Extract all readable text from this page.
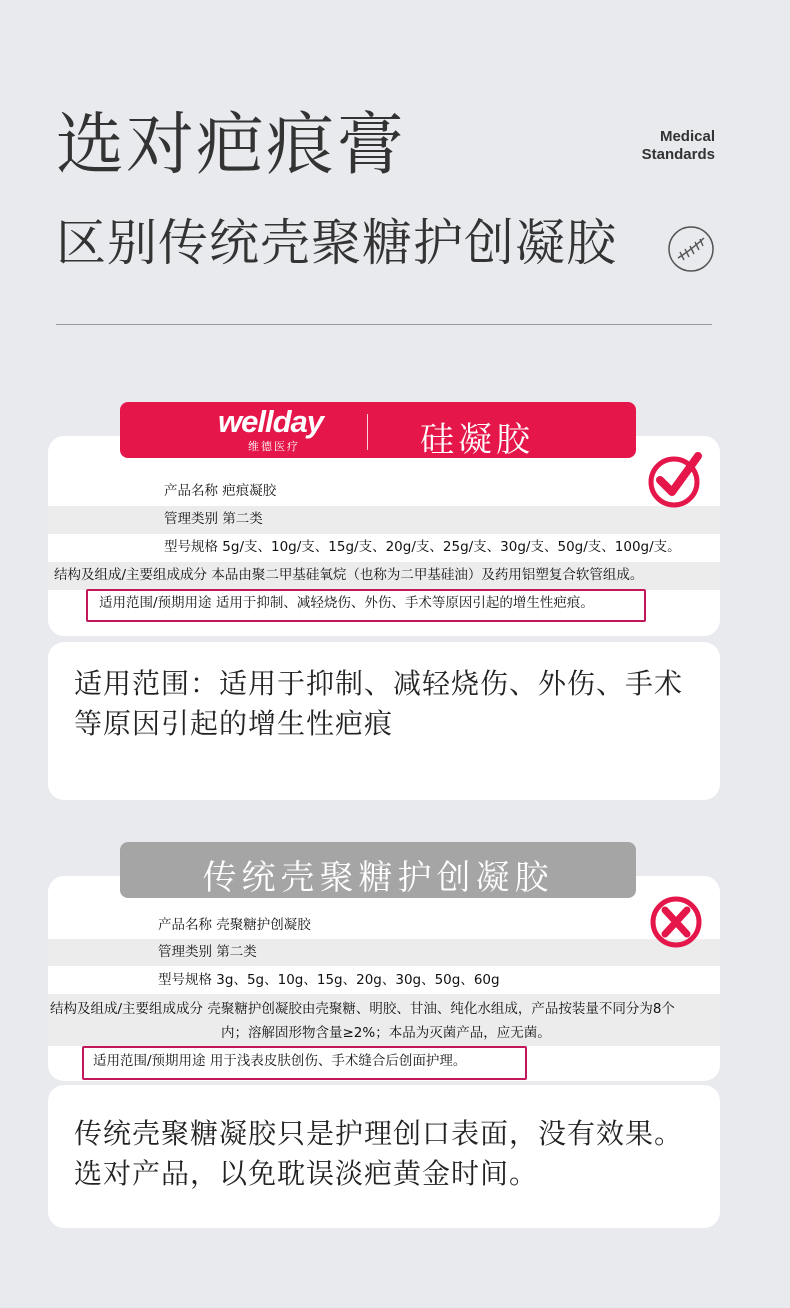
选对疤痕膏
区别传统壳聚糖护创凝胶
Medical
Standards
产品名称 疤痕凝胶
管理类别 第二类
型号规格 5g/支、10g/支、15g/支、20g/支、25g/支、30g/支、50g/支、100g/支。
结构及组成/主要组成成分 本品由聚二甲基硅氧烷（也称为二甲基硅油）及药用铝塑复合软管组成。
适用范围/预期用途 适用于抑制、减轻烧伤、外伤、手术等原因引起的增生性疤痕。
wellday
维德医疗	硅凝胶
适用范围：适用于抑制、减轻烧伤、外伤、手术
等原因引起的增生性疤痕
产品名称 壳聚糖护创凝胶
管理类别 第二类
型号规格 3g、5g、10g、15g、20g、30g、50g、60g
结构及组成/主要组成成分 壳聚糖护创凝胶由壳聚糖、明胶、甘油、纯化水组成，产品按装量不同分为8个
内；溶解固形物含量≥2%；本品为灭菌产品，应无菌。
适用范围/预期用途 用于浅表皮肤创伤、手术缝合后创面护理。
传统壳聚糖护创凝胶
传统壳聚糖凝胶只是护理创口表面，没有效果。
选对产品，以免耽误淡疤黄金时间。
